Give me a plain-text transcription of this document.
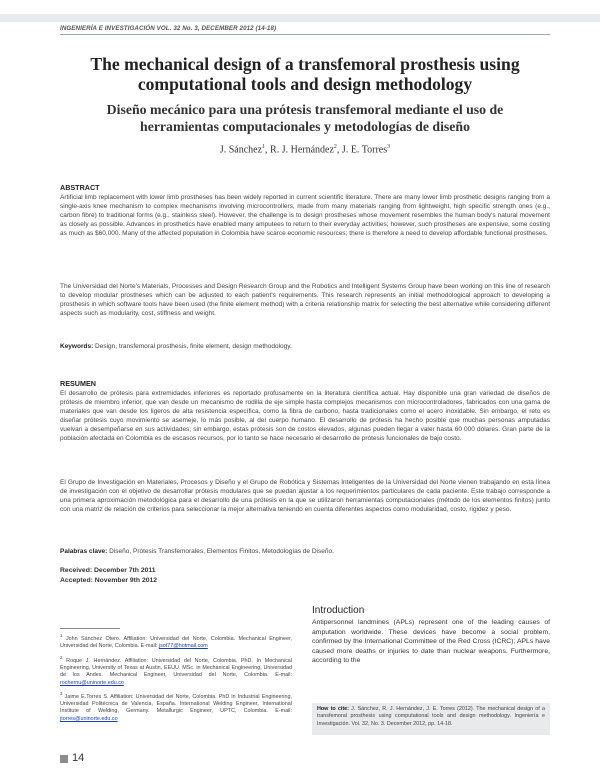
INGENIERÍA E INVESTIGACIÓN VOL. 32 No. 3, DECEMBER 2012 (14-18)
The mechanical design of a transfemoral prosthesis using computational tools and design methodology
Diseño mecánico para una prótesis transfemoral mediante el uso de herramientas computacionales y metodologías de diseño
J. Sánchez$^1$, R. J. Hernández$^2$, J. E. Torres$^3$
ABSTRACT
Artificial limb replacement with lower limb prostheses has been widely reported in current scientific literature. There are many lower limb prosthetic designs ranging from a single-axis knee mechanism to complex mechanisms involving microcontrollers, made from many materials ranging from lightweight, high specific strength ones (e.g., carbon fibre) to traditional forms (e.g., stainless steel). However, the challenge is to design prostheses whose movement resembles the human body's natural movement as closely as possible. Advances in prosthetics have enabled many amputees to return to their everyday activities; however, such prostheses are expensive, some costing as much as $60,000. Many of the affected population in Colombia have scarce economic resources; there is therefore a need to develop affordable functional prostheses.
The Universidad del Norte's Materials, Processes and Design Research Group and the Robotics and Intelligent Systems Group have been working on this line of research to develop modular prostheses which can be adjusted to each patient's requirements. This research represents an initial methodological approach to developing a prosthesis in which software tools have been used (the finite element method) with a criteria relationship matrix for selecting the best alternative while considering different aspects such as modularity, cost, stiffness and weight.
Keywords: Design, transfemoral prosthesis, finite element, design methodology.
RESUMEN
El desarrollo de prótesis para extremidades inferiores es reportado profusamente en la literatura científica actual. Hay disponible una gran variedad de diseños de prótesis de miembro inferior, que van desde un mecanismo de rodilla de eje simple hasta complejos mecanismos con microcontroladores, fabricados con una gama de materiales que van desde los ligeros de alta resistencia específica, como la fibra de carbono, hasta tradicionales como el acero inoxidable. Sin embargo, el reto es diseñar prótesis cuyo movimiento se asemeje, lo más posible, al del cuerpo humano. El desarrollo de prótesis ha hecho posible que muchas personas amputadas vuelvan a desempeñarse en sus actividades; sin embargo, estas prótesis son de costos elevados, algunas pueden llegar a valer hasta 60 000 dólares. Gran parte de la población afectada en Colombia es de escasos recursos, por lo tanto se hace necesario el desarrollo de prótesis funcionales de bajo costo.
El Grupo de Investigación en Materiales, Procesos y Diseño y el Grupo de Robótica y Sistemas Inteligentes de la Universidad del Norte vienen trabajando en esta línea de investigación con el objetivo de desarrollar prótesis modulares que se puedan ajustar a los requerimientos particulares de cada paciente. Este trabajo corresponde a una primera aproximación metodológica para el desarrollo de una prótesis en la que se utilizaron herramientas computacionales (método de los elementos finitos) junto con una matriz de relación de criterios para seleccionar la mejor alternativa teniendo en cuenta diferentes aspectos como modularidad, costo, rigidez y peso.
Palabras clave: Diseño, Prótesis Transfemorales, Elementos Finitos, Metodologías de Diseño.
Received: December 7th 2011
Accepted: November 9th 2012
Introduction
Antipersonnel landmines (APLs) represent one of the leading causes of amputation worldwide. These devices have become a social problem, confirmed by the International Committee of the Red Cross (ICRC); APLs have caused more deaths or injuries to date than nuclear weapons. Furthermore, according to the
$^1$ John Sánchez Otero. Affiliation: Universidad del Norte, Colombia. Mechanical Engineer, Universidad del Norte, Colombia. E-mail: jsot77@hotmail.com
$^2$ Roque J. Hernández. Affiliation: Universidad del Norte, Colombia. PhD. In Mechanical Engineering, University of Texas at Austin, EEUU. MSc. in Mechanical Engineering, Universidad de los Andes. Mechanical Engineer, Universidad del Norte, Colombia. E-mail: rochernu@uninorte.edu.co
$^3$ Jaime E.Torres S. Affiliation: Universidad del Norte, Colombia. PhD in Industrial Engineering, Universidad Politécnica de Valencia, España. International Welding Engineer, International Institute of Welding, Germany. Metallurgic Engineer, UPTC, Colombia. E-mail: jtorres@uninorte.edu.co
How to cite: J. Sánchez, R. J. Hernández, J. E. Torres (2012). The mechanical design of a transfemoral prosthesis using computational tools and design methodology. Ingeniería e Investigación. Vol. 32, No. 3. December 2012, pp. 14-18.
14
